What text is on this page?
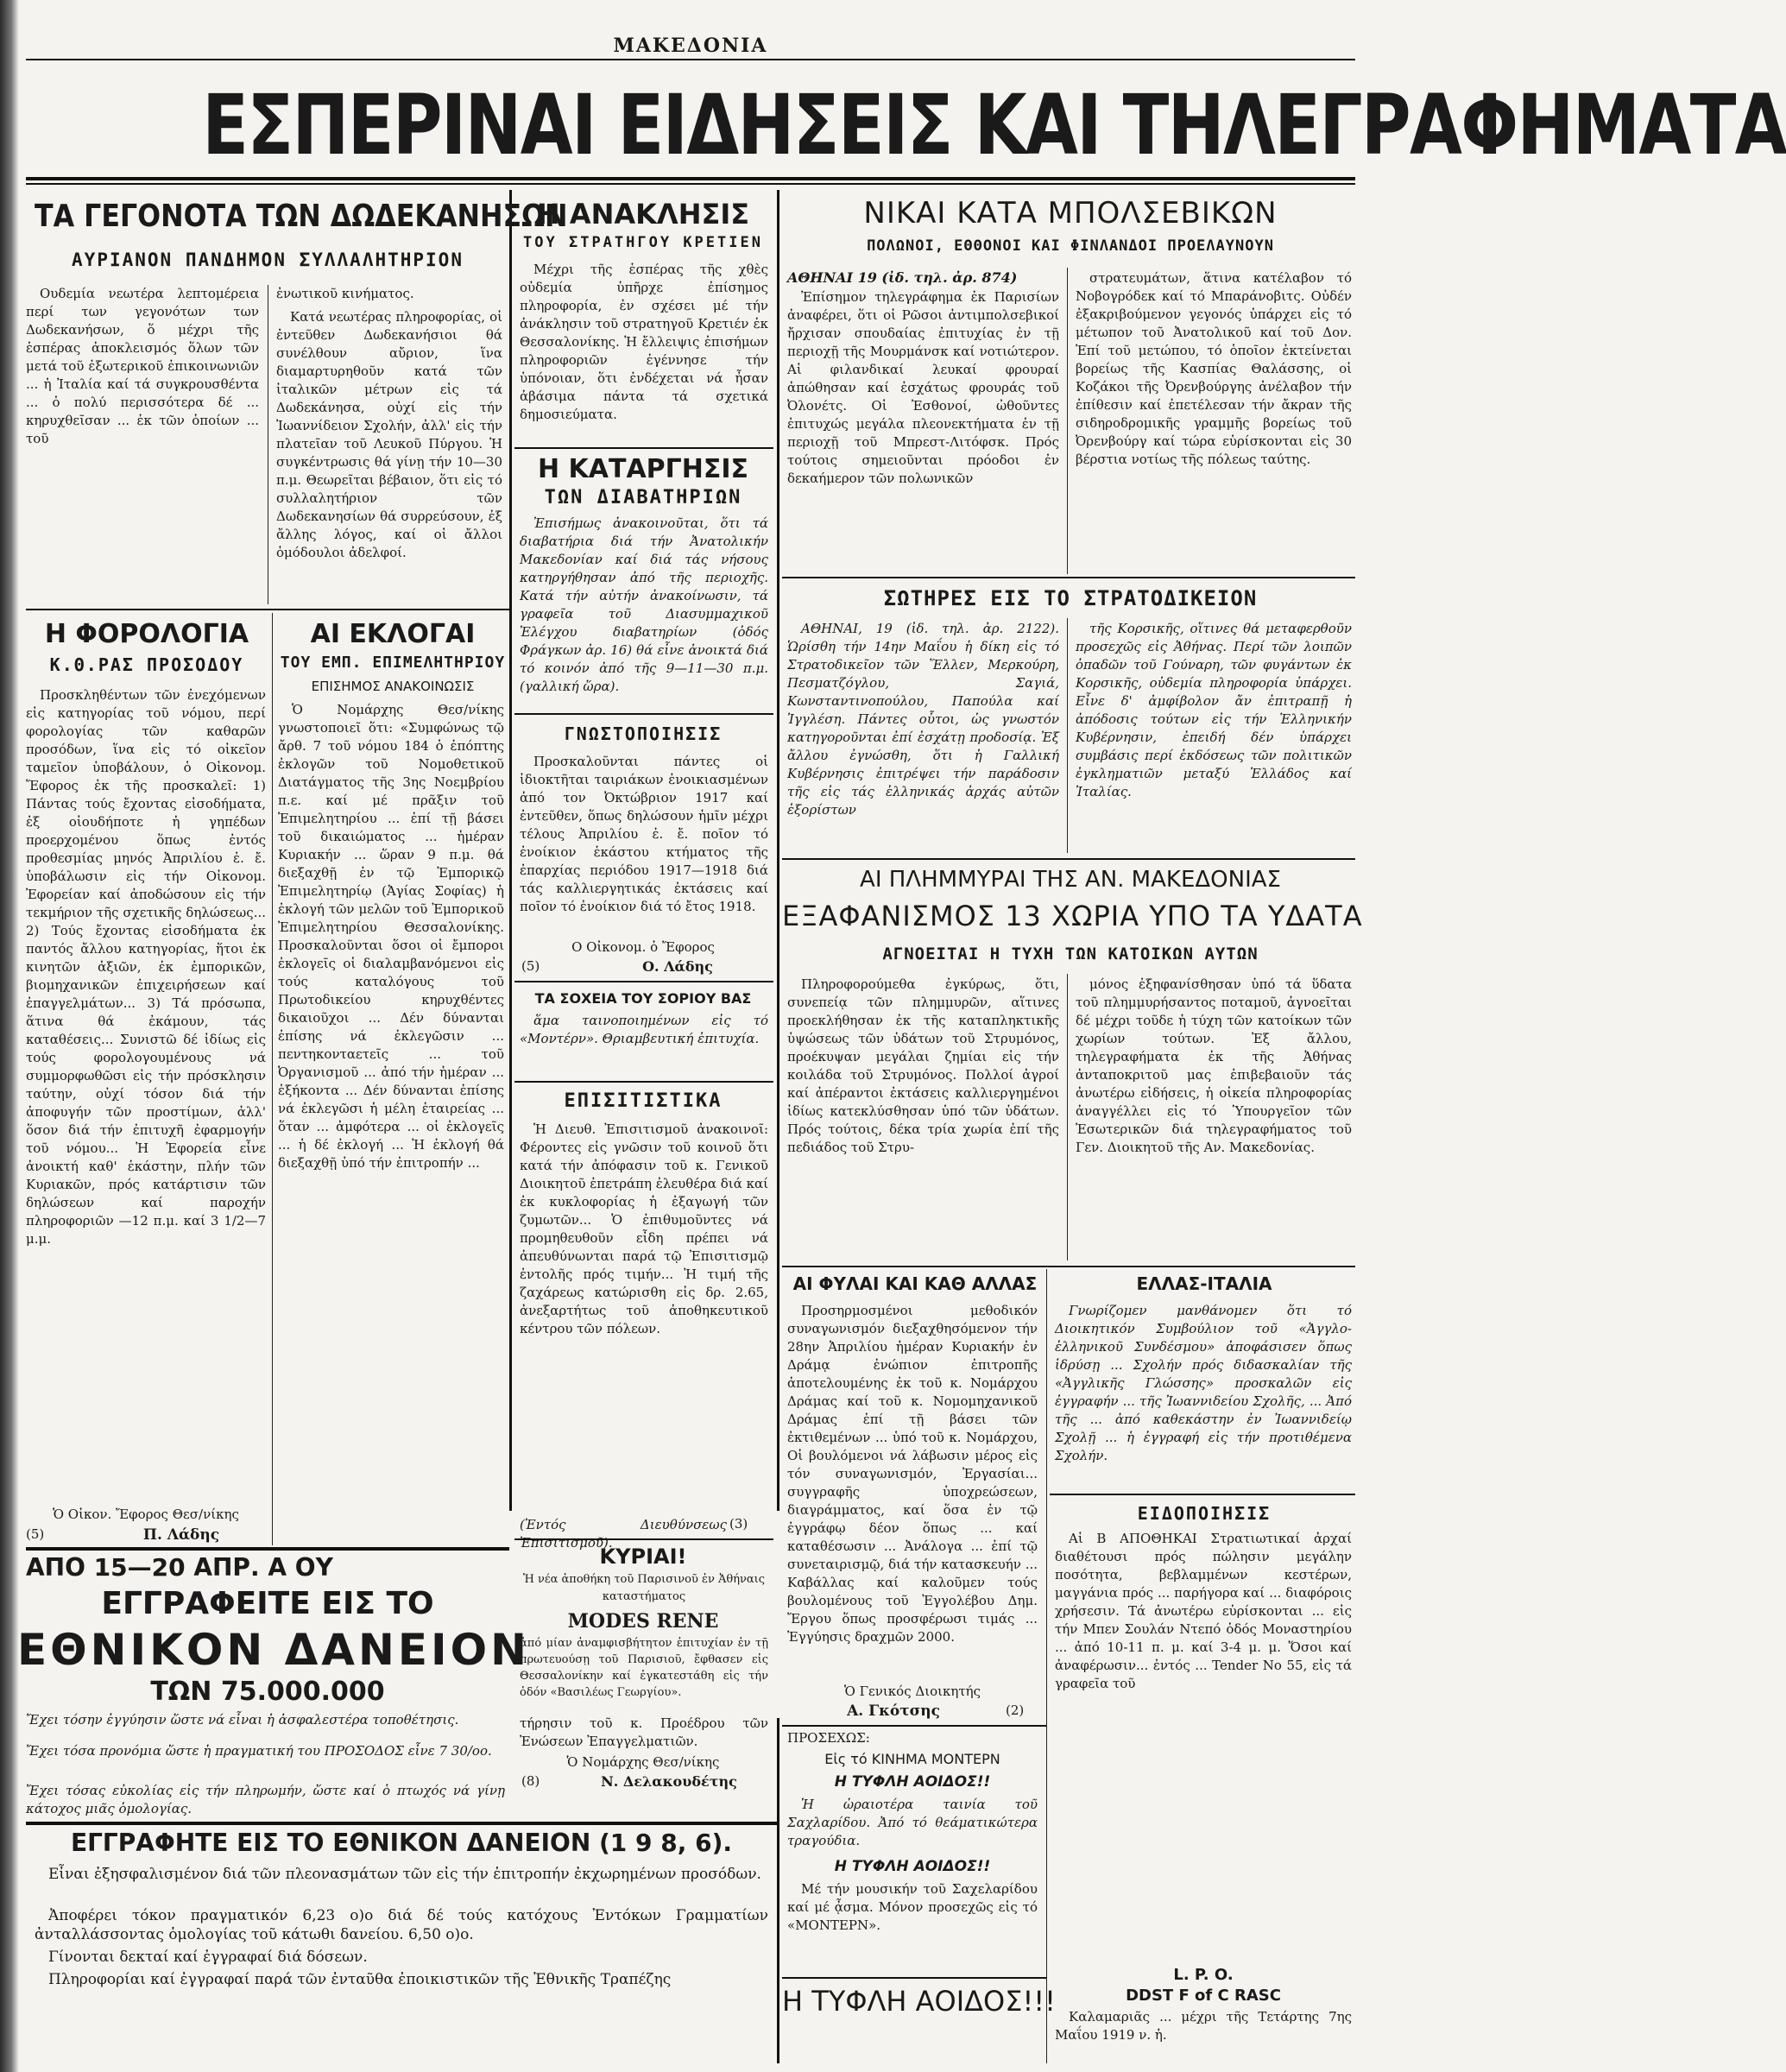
ΜΑΚΕΔΟΝΙΑ
ΕΣΠΕΡΙΝΑΙ ΕΙΔΗΣΕΙΣ ΚΑΙ ΤΗΛΕΓΡΑΦΗΜΑΤΑ
ΤΑ ΓΕΓΟΝΟΤΑ ΤΩΝ ΔΩΔΕΚΑΝΗΣΩΝ
ΑΥΡΙΑΝΟΝ ΠΑΝΔΗΜΟΝ ΣΥΛΛΑΛΗΤΗΡΙΟΝ

Ουδεμία νεωτέρα λεπτομέρεια περί των γεγονότων των Δωδεκανήσων, ὅ μέχρι τῆς ἑσπέρας ἀποκλεισμός ὅλων τῶν μετά τοῦ ἐξωτερικοῦ ἐπικοινωνιῶν ... ἡ Ἰταλία καί τά συγκρουσθέντα ... ὁ πολύ περισσότερα δέ ... κηρυχθεῖσαν ... ἐκ τῶν ὁποίων ... τοῦ

ἐνωτικοῦ κινήματος.

Κατά νεωτέρας πληροφορίας, οἱ ἐντεῦθεν Δωδεκανήσιοι θά συνέλθουν αὔριον, ἵνα διαμαρτυρηθοῦν κατά τῶν ἰταλικῶν μέτρων εἰς τά Δωδεκάνησα, οὐχί εἰς τήν Ἰωαννίδειον Σχολήν, ἀλλ' εἰς τήν πλατεῖαν τοῦ Λευκοῦ Πύργου. Ἡ συγκέντρωσις θά γίνῃ τήν 10—30 π.μ. Θεωρεῖται βέβαιον, ὅτι εἰς τό συλλαλητήριον τῶν Δωδεκανησίων θά συρρεύσουν, ἐξ ἄλλης λόγος, καί οἱ ἄλλοι ὁμόδουλοι ἀδελφοί.

Η ΦΟΡΟΛΟΓΙΑ
Κ.Θ.ΡΑΣ ΠΡΟΣΟΔΟΥ

Προσκληθέντων τῶν ἐνεχόμενων εἰς κατηγορίας τοῦ νόμου, περί φορολογίας τῶν καθαρῶν προσόδων, ἵνα εἰς τό οἰκεῖον ταμεῖον ὑποβάλουν, ὁ Οἰκονομ. Ἔφορος ἐκ τῆς προσκαλεῖ: 1) Πάντας τούς ἔχοντας εἰσοδήματα, ἐξ οἱουδήποτε ἡ γηπέδων προερχομένου ὅπως ἐντός προθεσμίας μηνός Ἀπριλίου ἐ. ἔ. ὑποβάλωσιν εἰς τήν Οἰκονομ. Ἐφορείαν καί ἀποδώσουν εἰς τήν τεκμήριον τῆς σχετικῆς δηλώσεως... 2) Τούς ἔχοντας εἰσοδήματα ἐκ παντός ἄλλου κατηγορίας, ἥτοι ἐκ κινητῶν ἀξιῶν, ἐκ ἐμπορικῶν, βιομηχανικῶν ἐπιχειρήσεων καί ἐπαγγελμάτων... 3) Τά πρόσωπα, ἅτινα θά ἐκάμουν, τάς καταθέσεις... Συνιστῶ δέ ἰδίως εἰς τούς φορολογουμένους νά συμμορφωθῶσι εἰς τήν πρόσκλησιν ταύτην, οὐχί τόσον διά τήν ἀποφυγήν τῶν προστίμων, ἀλλ' ὅσον διά τήν ἐπιτυχῆ ἐφαρμογήν τοῦ νόμου... Ἡ Ἐφορεία εἶνε ἀνοικτή καθ' ἑκάστην, πλήν τῶν Κυριακῶν, πρός κατάρτισιν τῶν δηλώσεων καί παροχήν πληροφοριῶν —12 π.μ. καί 3 1/2—7 μ.μ.

Ὁ Οἰκον. Ἔφορος Θεσ/νίκης
(5)	Π. Λάδης
ΑΙ ΕΚΛΟΓΑΙ
ΤΟΥ ΕΜΠ. ΕΠΙΜΕΛΗΤΗΡΙΟΥ
ΕΠΙΣΗΜΟΣ ΑΝΑΚΟΙΝΩΣΙΣ

Ὁ Νομάρχης Θεσ/νίκης γνωστοποιεῖ ὅτι: «Συμφώνως τῷ ἄρθ. 7 τοῦ νόμου 184 ὁ ἐπόπτης ἐκλογῶν τοῦ Νομοθετικοῦ Διατάγματος τῆς 3ης Νοεμβρίου π.ε. καί μέ πρᾶξιν τοῦ Ἐπιμελητηρίου ... ἐπί τῇ βάσει τοῦ δικαιώματος ... ἡμέραν Κυριακήν ... ὥραν 9 π.μ. θά διεξαχθῇ ἐν τῷ Ἐμπορικῷ Ἐπιμελητηρίῳ (Ἀγίας Σοφίας) ἡ ἐκλογή τῶν μελῶν τοῦ Ἐμπορικοῦ Ἐπιμελητηρίου Θεσσαλονίκης. Προσκαλοῦνται ὅσοι οἱ ἔμποροι ἐκλογεῖς οἱ διαλαμβανόμενοι εἰς τούς καταλόγους τοῦ Πρωτοδικείου κηρυχθέντες δικαιοῦχοι ... Δέν δύνανται ἐπίσης νά ἐκλεγῶσιν ... πεντηκονταετεῖς ... τοῦ Ὀργανισμοῦ ... ἀπό τήν ἡμέραν ... ἑξήκοντα ... Δέν δύνανται ἐπίσης νά ἐκλεγῶσι ἡ μέλη ἑταιρείας ... ὅταν ... ἀμφότερα ... οἱ ἐκλογεῖς ... ἡ δέ ἐκλογή ... Ἡ ἐκλογή θά διεξαχθῇ ὑπό τήν ἐπιτροπήν ...

ΑΠΟ 15—20 ΑΠΡ. Α ΟΥ
ΕΓΓΡΑΦΕΙΤΕ ΕΙΣ ΤΟ
ΕΘΝΙΚΟΝ ΔΑΝΕΙΟΝ
ΤΩΝ 75.000.000
Ἔχει τόσην ἐγγύησιν ὥστε νά εἶναι ἡ ἀσφαλεστέρα τοποθέτησις.
Ἔχει τόσα προνόμια ὥστε ἡ πραγματική του ΠΡΟΣΟΔΟΣ εἶνε 7 30/οο.
Ἔχει τόσας εὐκολίας εἰς τήν πληρωμήν, ὥστε καί ὁ πτωχός νά γίνῃ κάτοχος μιᾶς ὁμολογίας.
Η ΑΝΑΚΛΗΣΙΣ
ΤΟΥ ΣΤΡΑΤΗΓΟΥ ΚΡΕΤΙΕΝ

Μέχρι τῆς ἑσπέρας τῆς χθὲς οὐδεμία ὑπῆρχε ἐπίσημος πληροφορία, ἐν σχέσει μέ τήν ἀνάκλησιν τοῦ στρατηγοῦ Κρετιέν ἐκ Θεσσαλονίκης. Ἡ ἔλλειψις ἐπισήμων πληροφοριῶν ἐγέννησε τήν ὑπόνοιαν, ὅτι ἐνδέχεται νά ἦσαν ἀβάσιμα πάντα τά σχετικά δημοσιεύματα.

Η ΚΑΤΑΡΓΗΣΙΣ
ΤΩΝ ΔΙΑΒΑΤΗΡΙΩΝ

Ἐπισήμως ἀνακοινοῦται, ὅτι τά διαβατήρια διά τήν Ἀνατολικήν Μακεδονίαν καί διά τάς νήσους κατηργήθησαν ἀπό τῆς περιοχῆς. Κατά τήν αὐτήν ἀνακοίνωσιν, τά γραφεῖα τοῦ Διασυμμαχικοῦ Ἐλέγχου διαβατηρίων (ὁδός Φράγκων ἀρ. 16) θά εἶνε ἀνοικτά διά τό κοινόν ἀπό τῆς 9—11—30 π.μ. (γαλλική ὥρα).

ΓΝΩΣΤΟΠΟΙΗΣΙΣ

Προσκαλοῦνται πάντες οἱ ἰδιοκτῆται ταιριάκων ἐνοικιασμένων ἀπό τον Ὀκτώβριον 1917 καί ἐντεῦθεν, ὅπως δηλώσουν ἡμῖν μέχρι τέλους Ἀπριλίου ἐ. ἔ. ποῖον τό ἐνοίκιον ἑκάστου κτήματος τῆς ἐπαρχίας περιόδου 1917—1918 διά τάς καλλιεργητικάς ἐκτάσεις καί ποῖον τό ἐνοίκιον διά τό ἔτος 1918.

Ο Οἰκονομ. ὁ Ἔφορος
(5)	Ο. Λάδης
ΤΑ ΣΟΧΕΙΑ ΤΟΥ ΣΟΡΙΟΥ ΒΑΣ

ἅμα ταινοποιημένων εἰς τό «Μοντέρν». Θριαμβευτική ἐπιτυχία.

ΕΠΙΣΙΤΙΣΤΙΚΑ

Ἡ Διευθ. Ἐπισιτισμοῦ ἀνακοινοῖ: Φέροντες εἰς γνῶσιν τοῦ κοινοῦ ὅτι κατά τήν ἀπόφασιν τοῦ κ. Γενικοῦ Διοικητοῦ ἐπετράπη ἐλευθέρα διά καί ἐκ κυκλοφορίας ἡ ἐξαγωγή τῶν ζυμωτῶν... Ὁ ἐπιθυμοῦντες νά προμηθευθοῦν εἶδη πρέπει νά ἀπευθύνωνται παρά τῷ Ἐπισιτισμῷ ἐντολῆς πρός τιμήν... Ἡ τιμή τῆς ζαχάρεως κατώρισθη εἰς δρ. 2.65, ἀνεξαρτήτως τοῦ ἀποθηκευτικοῦ κέντρου τῶν πόλεων.

(Ἐντός Διευθύνσεως Ἐπισιτισμοῦ).
(3)
ΚΥΡΙΑΙ!
Ἡ νέα ἀποθήκη τοῦ Παρισινοῦ ἐν Ἀθήναις καταστήματος
MODES RENE
ἀπό μίαν ἀναμφισβήτητον ἐπιτυχίαν ἐν τῇ πρωτευούσῃ τοῦ Παρισιοῦ, ἔφθασεν εἰς Θεσσαλονίκην καί ἐγκατεστάθη εἰς τήν ὁδόν «Βασιλέως Γεωργίου».
τήρησιν τοῦ κ. Προέδρου τῶν Ἐνώσεων Ἐπαγγελματιῶν.
Ὁ Νομάρχης Θεσ/νίκης
(8)	Ν. Δελακουδέτης
ΕΓΓΡΑΦΗΤΕ ΕΙΣ ΤΟ ΕΘΝΙΚΟΝ ΔΑΝΕΙΟΝ (1 9 8, 6).

Εἶναι ἐξησφαλισμένον διά τῶν πλεονασμάτων τῶν εἰς τήν ἐπιτροπήν ἐκχωρημένων προσόδων.

Ἀποφέρει τόκον πραγματικόν 6,23 ο)ο διά δέ τούς κατόχους Ἐντόκων Γραμματίων ἀνταλλάσσοντας ὁμολογίας τοῦ κάτωθι δανείου. 6,50 ο)ο.

Γίνονται δεκταί καί ἐγγραφαί διά δόσεων.

Πληροφορίαι καί ἐγγραφαί παρά τῶν ἐνταῦθα ἐποικιστικῶν τῆς Ἐθνικῆς Τραπέζης

ΝΙΚΑΙ ΚΑΤΑ ΜΠΟΛΣΕΒΙΚΩΝ
ΠΟΛΩΝΟΙ, ΕΘΘΟΝΟΙ ΚΑΙ ΦΙΝΛΑΝΔΟΙ ΠΡΟΕΛΑΥΝΟΥΝ
ΑΘΗΝΑΙ 19 (ἰδ. τηλ. ἀρ. 874)

Ἐπίσημον τηλεγράφημα ἐκ Παρισίων ἀναφέρει, ὅτι οἱ Ρῶσοι ἀντιμπολσεβικοί ἤρχισαν σπουδαίας ἐπιτυχίας ἐν τῇ περιοχῇ τῆς Μουρμάνσκ καί νοτιώτερον. Αἱ φιλανδικαί λευκαί φρουραί ἀπώθησαν καί ἐσχάτως φρουράς τοῦ Ὀλονέτς. Οἱ Ἐσθονοί, ὠθοῦντες ἐπιτυχώς μεγάλα πλεονεκτήματα ἐν τῇ περιοχῇ τοῦ Μπρεστ-Λιτόφσκ. Πρός τούτοις σημειοῦνται πρόοδοι ἐν δεκαήμερον τῶν πολωνικῶν

στρατευμάτων, ἅτινα κατέλαβον τό Νοβογρόδεκ καί τό Μπαράνοβιτς. Οὐδέν ἐξακριβούμενον γεγονός ὑπάρχει εἰς τό μέτωπον τοῦ Ἀνατολικοῦ καί τοῦ Δον. Ἐπί τοῦ μετώπου, τό ὁποῖον ἐκτείνεται βορείως τῆς Κασπίας Θαλάσσης, οἱ Κοζάκοι τῆς Ὀρενβούργης ἀνέλαβον τήν ἐπίθεσιν καί ἐπετέλεσαν τήν ἄκραν τῆς σιδηροδρομικῆς γραμμῆς βορείως τοῦ Ὀρενβούργ καί τώρα εὑρίσκονται εἰς 30 βέρστια νοτίως τῆς πόλεως ταύτης.

ΣΩΤΗΡΕΣ ΕΙΣ ΤΟ ΣΤΡΑΤΟΔΙΚΕΙΟΝ

ΑΘΗΝΑΙ, 19 (ἰδ. τηλ. ἀρ. 2122). Ὡρίσθη τήν 14ην Μαΐου ἡ δίκη εἰς τό Στρατοδικεῖον τῶν Ἕλλεν, Μερκούρη, Πεσματζόγλου, Σαγιά, Κωνσταντινοπούλου, Παπούλα καί Ἰγγλέση. Πάντες οὗτοι, ὡς γνωστόν κατηγοροῦνται ἐπί ἐσχάτῃ προδοσίᾳ. Ἐξ ἄλλου ἐγνώσθη, ὅτι ἡ Γαλλική Κυβέρνησις ἐπιτρέψει τήν παράδοσιν τῆς εἰς τάς ἑλληνικάς ἀρχάς αὐτῶν ἐξορίστων

τῆς Κορσικῆς, οἵτινες θά μεταφερθοῦν προσεχῶς εἰς Ἀθήνας. Περί τῶν λοιπῶν ὀπαδῶν τοῦ Γούναρη, τῶν φυγάντων ἐκ Κορσικῆς, οὐδεμία πληροφορία ὑπάρχει. Εἶνε δ' ἀμφίβολον ἄν ἐπιτραπῇ ἡ ἀπόδοσις τούτων εἰς τήν Ἑλληνικήν Κυβέρνησιν, ἐπειδή δέν ὑπάρχει συμβάσις περί ἐκδόσεως τῶν πολιτικῶν ἐγκληματιῶν μεταξύ Ἑλλάδος καί Ἰταλίας.

ΑΙ ΠΛΗΜΜΥΡΑΙ ΤΗΣ ΑΝ. ΜΑΚΕΔΟΝΙΑΣ
ΕΞΑΦΑΝΙΣΜΟΣ 13 ΧΩΡΙΑ ΥΠΟ ΤΑ ΥΔΑΤΑ
ΑΓΝΟΕΙΤΑΙ Η ΤΥΧΗ ΤΩΝ ΚΑΤΟΙΚΩΝ ΑΥΤΩΝ

Πληροφορούμεθα ἐγκύρως, ὅτι, συνεπείᾳ τῶν πλημμυρῶν, αἵτινες προεκλήθησαν ἐκ τῆς καταπληκτικῆς ὑψώσεως τῶν ὑδάτων τοῦ Στρυμόνος, προέκυψαν μεγάλαι ζημίαι εἰς τήν κοιλάδα τοῦ Στρυμόνος. Πολλοί ἀγροί καί ἀπέραντοι ἐκτάσεις καλλιεργημένοι ἰδίως κατεκλύσθησαν ὑπό τῶν ὑδάτων. Πρός τούτοις, δέκα τρία χωρία ἐπί τῆς πεδιάδος τοῦ Στρυ-

μόνος ἐξηφανίσθησαν ὑπό τά ὕδατα τοῦ πλημμυρήσαντος ποταμοῦ, ἀγνοεῖται δέ μέχρι τοῦδε ἡ τύχη τῶν κατοίκων τῶν χωρίων τούτων. Ἐξ ἄλλου, τηλεγραφήματα ἐκ τῆς Ἀθήνας ἀνταποκριτοῦ μας ἐπιβεβαιοῦν τάς ἀνωτέρω εἰδήσεις, ἡ οἰκεία πληροφορίας ἀναγγέλλει εἰς τό Ὑπουργεῖον τῶν Ἐσωτερικῶν διά τηλεγραφήματος τοῦ Γεν. Διοικητοῦ τῆς Αν. Μακεδονίας.

ΑΙ ΦΥΛΑΙ ΚΑΙ ΚΑΘ ΑΛΛΑΣ

Προσηρμοσμένοι μεθοδικόν συναγωνισμόν διεξαχθησόμενον τήν 28ην Ἀπριλίου ἡμέραν Κυριακήν ἐν Δράμᾳ ἐνώπιον ἐπιτροπῆς ἀποτελουμένης ἐκ τοῦ κ. Νομάρχου Δράμας καί τοῦ κ. Νομομηχανικοῦ Δράμας ἐπί τῇ βάσει τῶν ἐκτιθεμένων ... ὑπό τοῦ κ. Νομάρχου, Οἱ βουλόμενοι νά λάβωσιν μέρος εἰς τόν συναγωνισμόν, Ἐργασίαι... συγγραφῆς ὑποχρεώσεων, διαγράμματος, καί ὅσα ἐν τῷ ἐγγράφῳ δέον ὅπως ... καί καταθέσωσιν ... Ἀνάλογα ... ἐπί τῷ συνεταιρισμῷ, διά τήν κατασκευήν ... Καβάλλας καί καλοῦμεν τούς βουλομένους τοῦ Ἐγγολέβου Δημ. Ἔργου ὅπως προσφέρωσι τιμάς ... Ἐγγύησις δραχμῶν 2000.

Ὁ Γενικός Διοικητής
Α. Γκότσης	(2)
ΠΡΟΣΕΧΩΣ:
Εἰς τό ΚΙΝΗΜΑ ΜΟΝΤΕΡΝ
Η ΤΥΦΛΗ ΑΟΙΔΟΣ!!

Ἡ ὡραιοτέρα ταινία τοῦ Σαχλαρίδου. Ἀπό τό θεάματικώτερα τραγούδια.

Η ΤΥΦΛΗ ΑΟΙΔΟΣ!!

Μέ τήν μουσικήν τοῦ Σαχελαρίδου καί μέ ᾆσμα. Μόνον προσεχῶς εἰς τό «ΜΟΝΤΕΡΝ».

Η ΤΥΦΛΗ ΑΟΙΔΟΣ!!!
ΕΛΛΑΣ-ΙΤΑΛΙΑ

Γνωρίζομεν μανθάνομεν ὅτι τό Διοικητικόν Συμβούλιον τοῦ «Ἀγγλο-ἑλληνικοῦ Συνδέσμου» ἀποφάσισεν ὅπως ἱδρύσῃ ... Σχολήν πρός διδασκαλίαν τῆς «Ἀγγλικῆς Γλώσσης» προσκαλῶν εἰς ἐγγραφήν ... τῆς Ἰωαννιδείου Σχολῆς, ... Ἀπό τῆς ... ἀπό καθεκάστην ἐν Ἰωαννιδείῳ Σχολῇ ... ἡ ἐγγραφή εἰς τήν προτιθέμενα Σχολήν.

ΕΙΔΟΠΟΙΗΣΙΣ

Αἱ Β ΑΠΟΘΗΚΑΙ Στρατιωτικαί ἀρχαί διαθέτουσι πρός πώλησιν μεγάλην ποσότητα, βεβλαμμένων κεστέρων, μαγγάνια πρός ... παρήγορα καί ... διαφόροις χρήσεσιν. Τά ἀνωτέρω εὑρίσκονται ... εἰς τήν Μπεν Σουλάν Ντεπό ὁδός Μοναστηρίου ... ἀπό 10-11 π. μ. καί 3-4 μ. μ. Ὅσοι καί ἀναφέρωσιν... ἐντός ... Tender No 55, εἰς τά γραφεῖα τοῦ

L. P. O.
DDST F of C RASC

Καλαμαριᾶς ... μέχρι τῆς Τετάρτης 7ης Μαΐου 1919 ν. ἡ.
